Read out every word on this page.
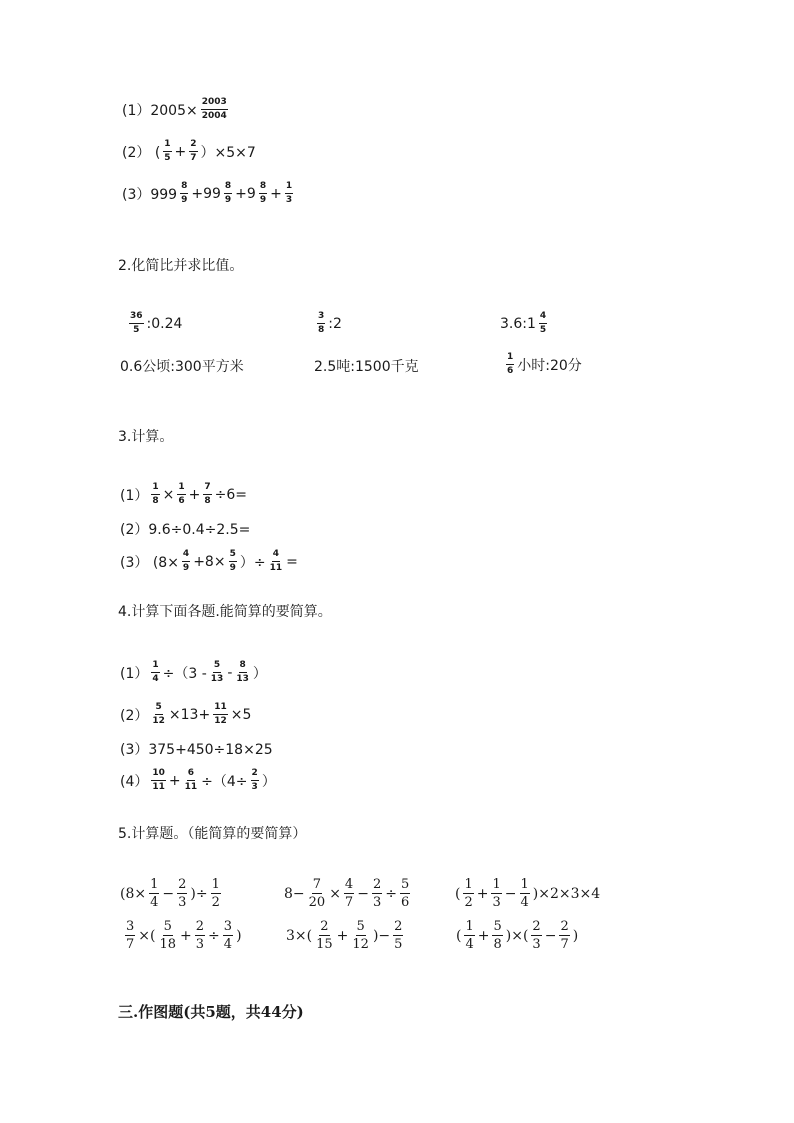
$(1)2005\times \frac{2003}{2004}$
(2） ( $\frac{1}{5} + \frac{2}{7} )\times 5\times 7$
$(3)999 \frac{8}{9} +99 \frac{8}{9} +9 \frac{8}{9} + \frac{1}{3}$
2.化简比并求比值。
$\frac{36}{5}$ :0.24	$\frac{3}{8}$ :2	3.6:1 $\frac{4}{5}$
0.6公顷:300平方米	2.5吨:1500千克	$\frac{1}{6}$ 小时:20分
3.计算。
$(1) \frac{1}{8} \times \frac{1}{6} + \frac{7}{8} \div 6=$
(2）9.6÷0.4÷2.5=
(3） ($8\times \frac{4}{9} +8\times \frac{5}{9}$ ）÷ $\frac{4}{11}$ =
4.计算下面各题.能简算的要简算。
$(1) \frac{1}{4} \div(3 - \frac{5}{13} - \frac{8}{13}$ ）
$(2) \frac{5}{12} \times 13+ \frac{11}{12} \times 5$
(3）375+450÷18×25
$(4) \frac{10}{11} + \frac{6}{11} \div(4\div \frac{2}{3}$ ）
5.计算题。（能简算的要简算）
($8\times \frac{1}{4} - \frac{2}{3}$ )÷ $\frac{1}{2}$	$8- \frac{7}{20} \times \frac{4}{7} - \frac{2}{3} \div \frac{5}{6}$	( $\frac{1}{2} + \frac{1}{3} - \frac{1}{4} )\times 2\times 3\times 4$
$\frac{3}{7}$ ×( $\frac{5}{18} + \frac{2}{3} \div \frac{3}{4}$ )	$3\times( \frac{2}{15} + \frac{5}{12}$ )− $\frac{2}{5}$	( $\frac{1}{4} + \frac{5}{8}$ )×( $\frac{2}{3} - \frac{2}{7}$ )
三.作图题(共5题，共44分)
